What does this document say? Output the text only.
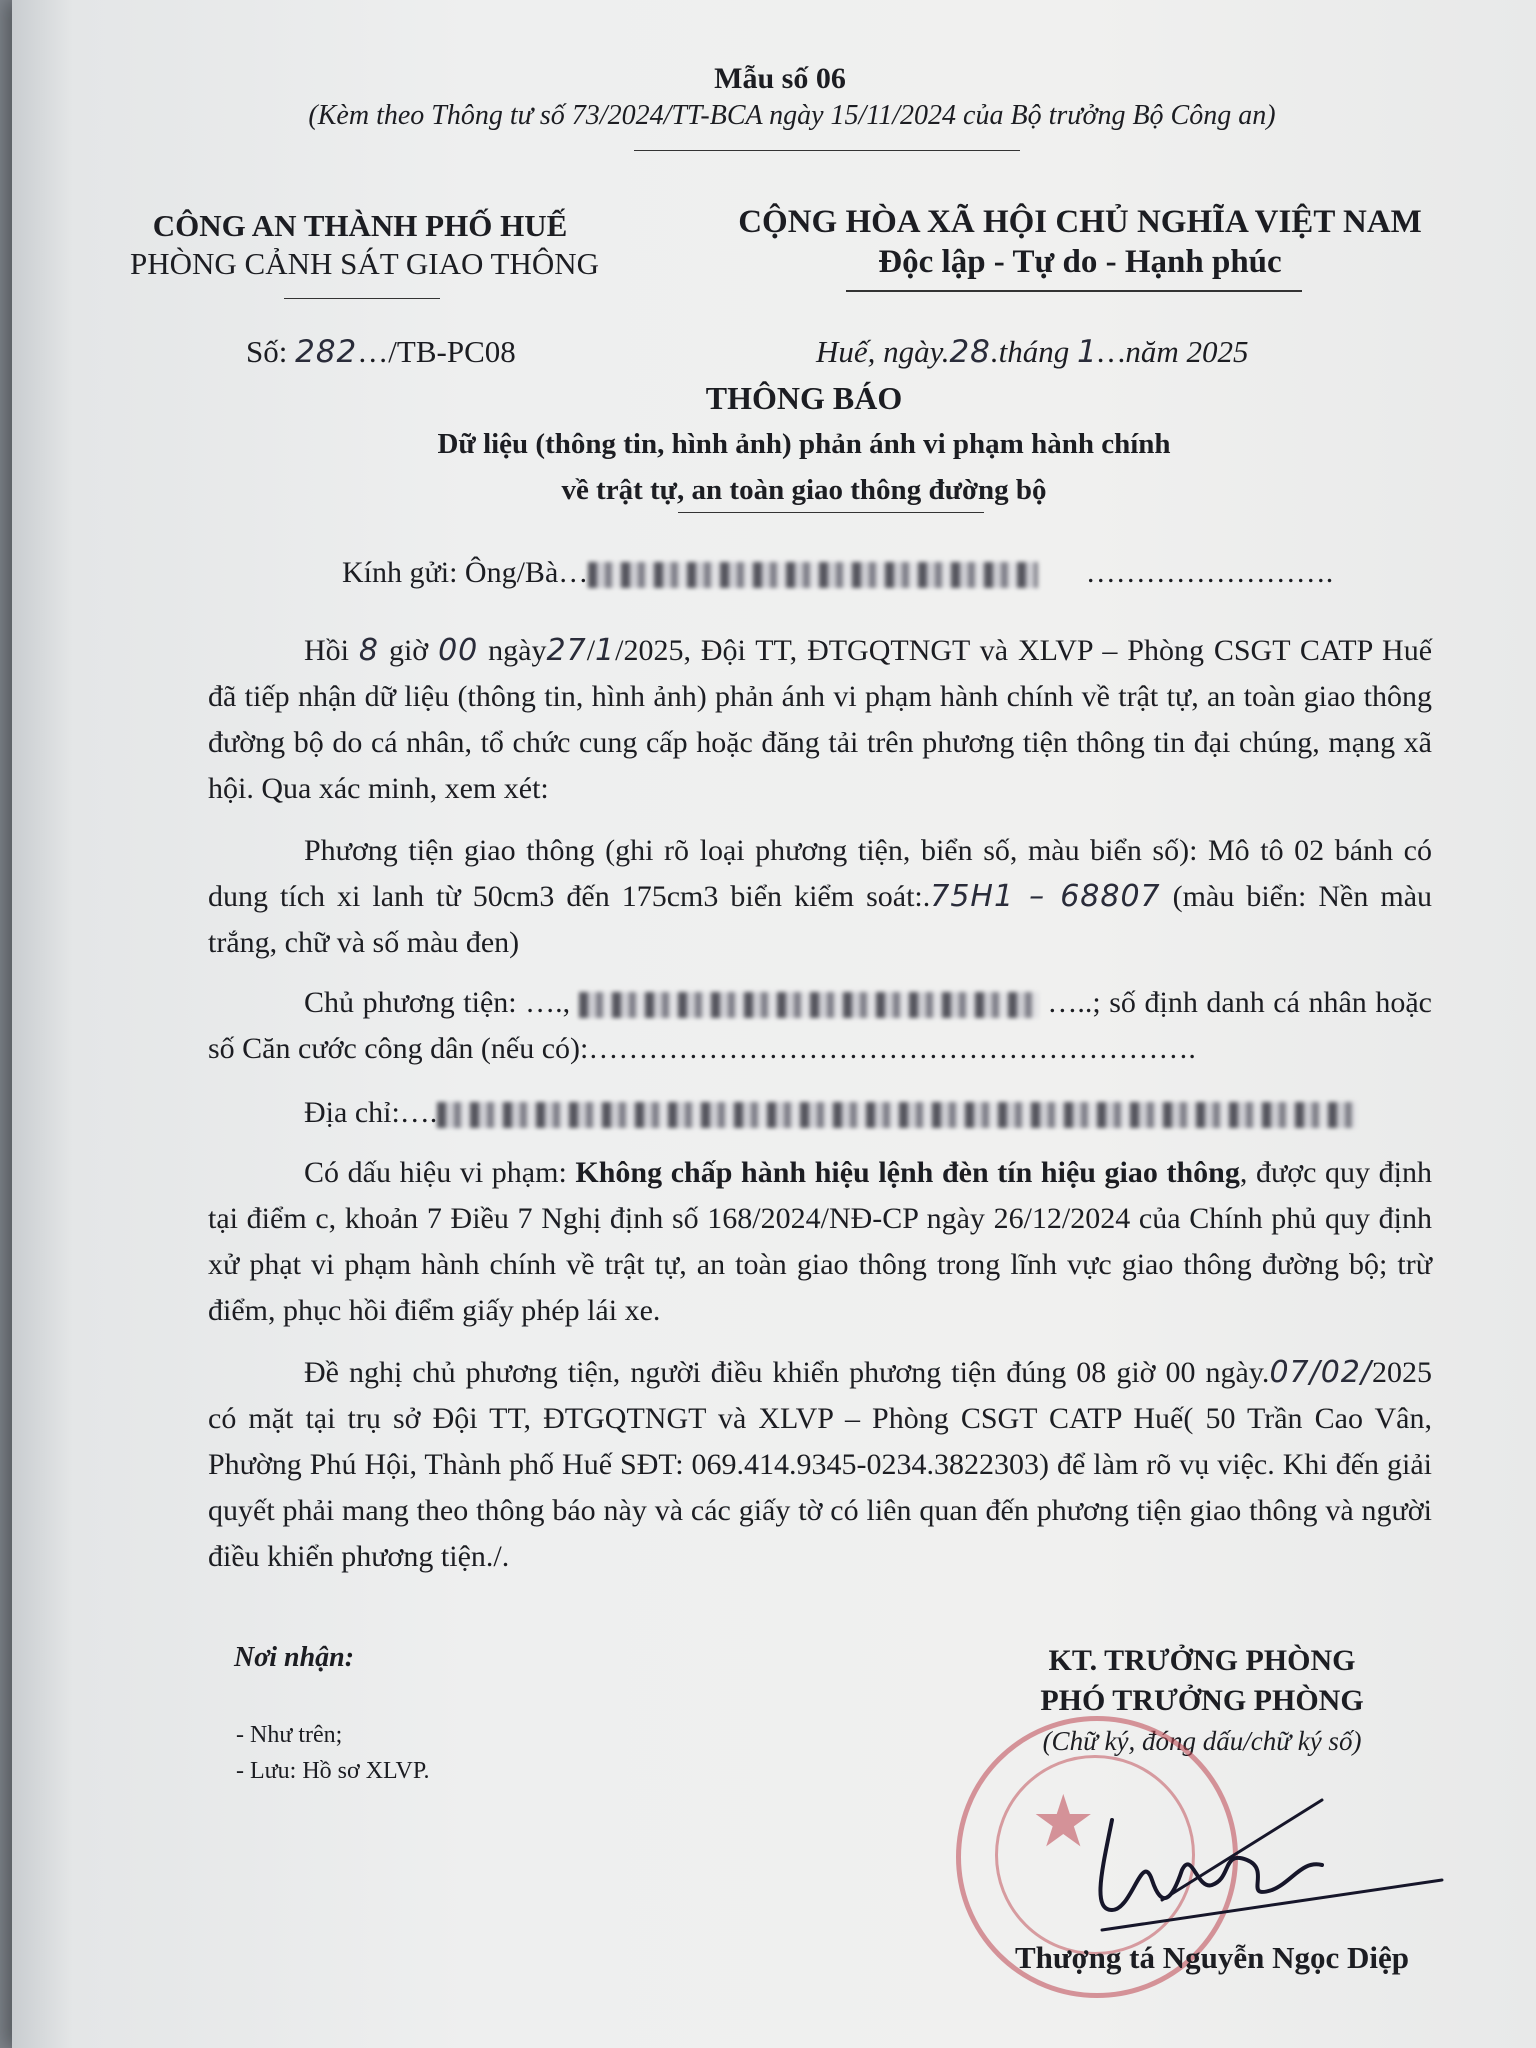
Mẫu số 06
(Kèm theo Thông tư số 73/2024/TT-BCA ngày 15/11/2024 của Bộ trưởng Bộ Công an)
CÔNG AN THÀNH PHỐ HUẾ
PHÒNG CẢNH SÁT GIAO THÔNG
CỘNG HÒA XÃ HỘI CHỦ NGHĨA VIỆT NAM
Độc lập - Tự do - Hạnh phúc
Số: 282…/TB-PC08	Huế, ngày.28.tháng 1…năm 2025
THÔNG BÁO
Dữ liệu (thông tin, hình ảnh) phản ánh vi phạm hành chính
về trật tự, an toàn giao thông đường bộ
Kính gửi: Ông/Bà…	…………………….
Hồi 8 giờ 00 ngày27/1/2025, Đội TT, ĐTGQTNGT và XLVP – Phòng CSGT CATP Huế đã tiếp nhận dữ liệu (thông tin, hình ảnh) phản ánh vi phạm hành chính về trật tự, an toàn giao thông đường bộ do cá nhân, tổ chức cung cấp hoặc đăng tải trên phương tiện thông tin đại chúng, mạng xã hội. Qua xác minh, xem xét:
Phương tiện giao thông (ghi rõ loại phương tiện, biển số, màu biển số): Mô tô 02 bánh có dung tích xi lanh từ 50cm3 đến 175cm3 biển kiểm soát:.75H1 – 68807 (màu biển: Nền màu trắng, chữ và số màu đen)
Chủ phương tiện: ….,	…..; số định danh cá nhân hoặc số Căn cước công dân (nếu có):…………………………………………………….
Địa chỉ:….
Có dấu hiệu vi phạm: Không chấp hành hiệu lệnh đèn tín hiệu giao thông, được quy định tại điểm c, khoản 7 Điều 7 Nghị định số 168/2024/NĐ-CP ngày 26/12/2024 của Chính phủ quy định xử phạt vi phạm hành chính về trật tự, an toàn giao thông trong lĩnh vực giao thông đường bộ; trừ điểm, phục hồi điểm giấy phép lái xe.
Đề nghị chủ phương tiện, người điều khiển phương tiện đúng 08 giờ 00 ngày.07/02/2025 có mặt tại trụ sở Đội TT, ĐTGQTNGT và XLVP – Phòng CSGT CATP Huế( 50 Trần Cao Vân, Phường Phú Hội, Thành phố Huế SĐT: 069.414.9345-0234.3822303) để làm rõ vụ việc. Khi đến giải quyết phải mang theo thông báo này và các giấy tờ có liên quan đến phương tiện giao thông và người điều khiển phương tiện./.
Nơi nhận:
- Như trên;
- Lưu: Hồ sơ XLVP.
KT. TRƯỞNG PHÒNG
PHÓ TRƯỞNG PHÒNG
(Chữ ký, đóng dấu/chữ ký số)
★
Thượng tá Nguyễn Ngọc Diệp
